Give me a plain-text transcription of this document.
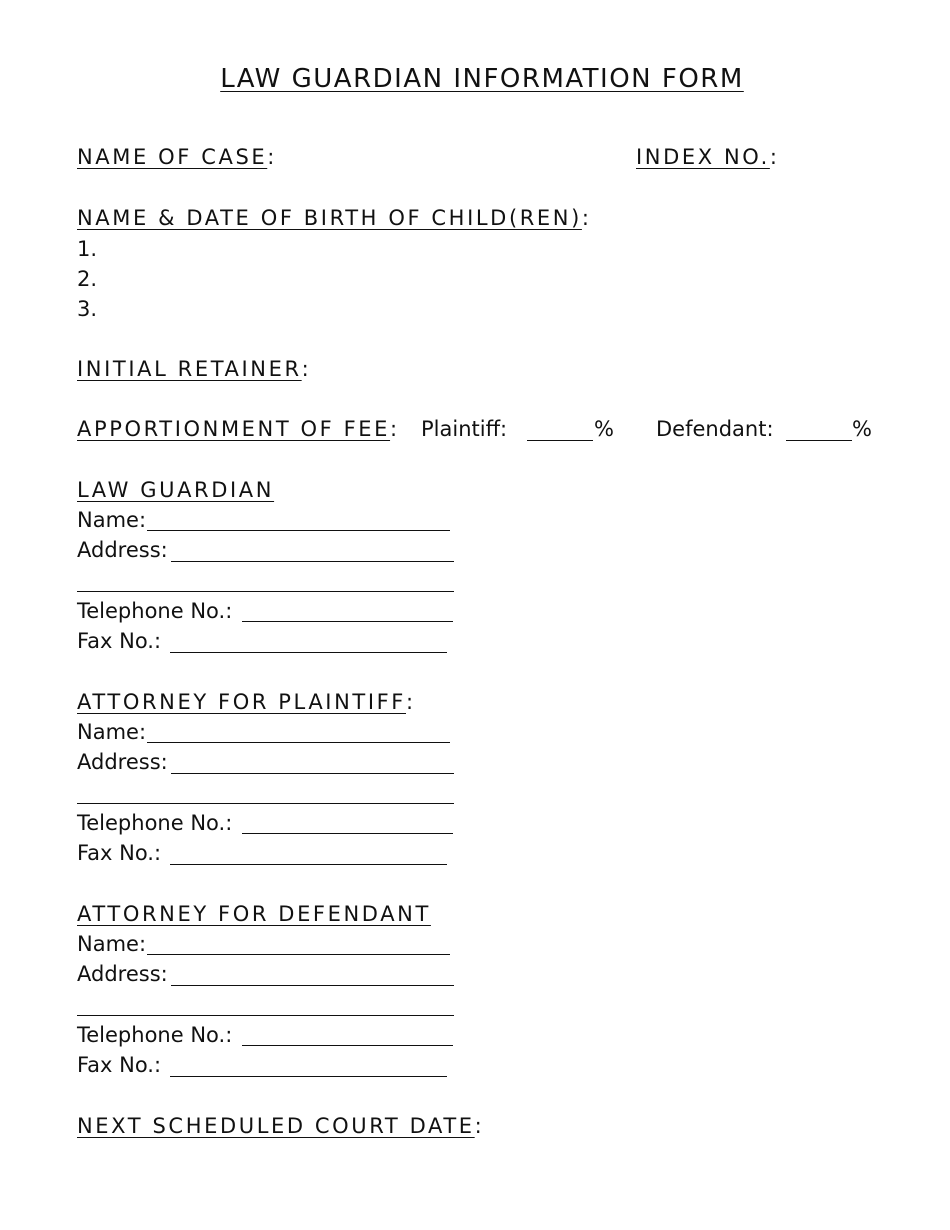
LAW GUARDIAN INFORMATION FORM
NAME OF CASE:	INDEX NO.:
NAME & DATE OF BIRTH OF CHILD(REN):
1.
2.
3.
INITIAL RETAINER:
APPORTIONMENT OF FEE: Plaintiff:	% Defendant:	%
LAW GUARDIAN
Name:
Address:
Telephone No.:
Fax No.:
ATTORNEY FOR PLAINTIFF:
Name:
Address:
Telephone No.:
Fax No.:
ATTORNEY FOR DEFENDANT
Name:
Address:
Telephone No.:
Fax No.:
NEXT SCHEDULED COURT DATE:
